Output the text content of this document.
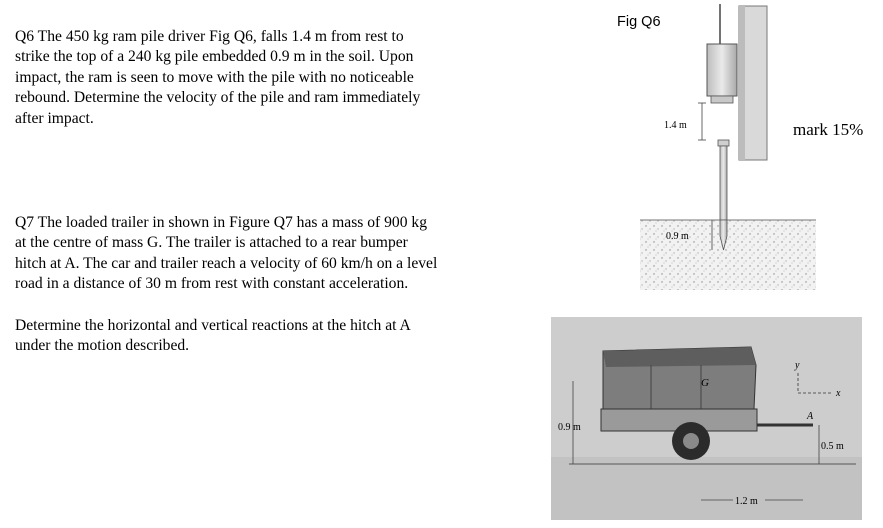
Q6 The 450 kg ram pile driver Fig Q6, falls 1.4 m from rest to
strike the top of a 240 kg pile embedded 0.9 m in the soil. Upon
impact, the ram is seen to move with the pile with no noticeable
rebound. Determine the velocity of the pile and ram immediately
after impact.

Q7 The loaded trailer in shown in Figure Q7 has a mass of 900 kg
at the centre of mass G. The trailer is attached to a rear bumper
hitch at A. The car and trailer reach a velocity of 60 km/h on a level
road in a distance of 30 m from rest with constant acceleration.

Determine the horizontal and vertical reactions at the hitch at A
under the motion described.

Fig Q6
mark 15%
1.4 m
0.9 m
G
A
y
x
0.9 m
0.5 m
1.2 m
